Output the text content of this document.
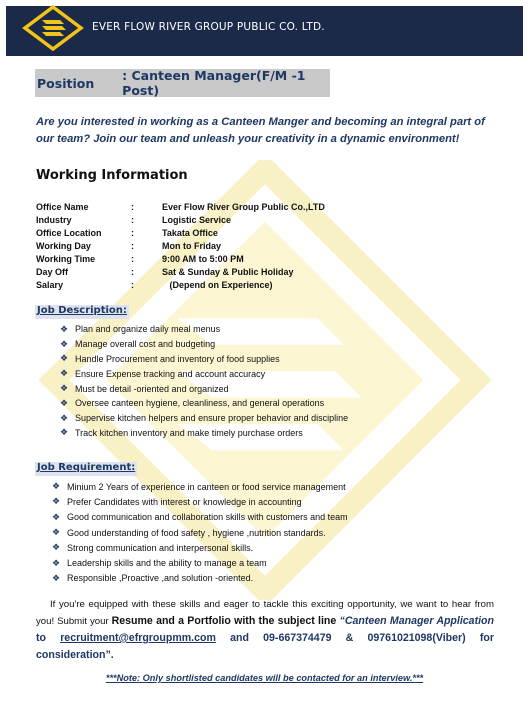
EVER FLOW RIVER GROUP PUBLIC CO. LTD.
Position	: Canteen Manager(F/M -1 Post)

Are you interested in working as a Canteen Manger and becoming an integral part of our team? Join our team and unleash your creativity in a dynamic environment!

Working Information
Office Name	:	Ever Flow River Group Public Co.,LTD
Industry	:	Logistic Service
Office Location	:	Takata Office
Working Day	:	Mon to Friday
Working Time	:	9:00 AM to 5:00 PM
Day Off	:	Sat & Sunday & Public Holiday
Salary	:	(Depend on Experience)
Job Description:
❖ Plan and organize daily meal menus
❖ Manage overall cost and budgeting
❖ Handle Procurement and inventory of food supplies
❖ Ensure Expense tracking and account accuracy
❖ Must be detail -oriented and organized
❖ Oversee canteen hygiene, cleanliness, and general operations
❖ Supervise kitchen helpers and ensure proper behavior and discipline
❖ Track kitchen inventory and make timely purchase orders
Job Requirement:
❖ Minium 2 Years of experience in canteen or food service management
❖ Prefer Candidates with interest or knowledge in accounting
❖ Good communication and collaboration skills with customers and team
❖ Good understanding of food safety , hygiene ,nutrition standards.
❖ Strong communication and interpersonal skills.
❖ Leadership skills and the ability to manage a team
❖ Responsible ,Proactive ,and solution -oriented.

If you're equipped with these skills and eager to tackle this exciting opportunity, we want to hear from you! Submit your Resume and a Portfolio with the subject line “Canteen Manager Application to recruitment@efrgroupmm.com and 09-667374479 & 09761021098(Viber) for consideration”.

***Note: Only shortlisted candidates will be contacted for an interview.***
